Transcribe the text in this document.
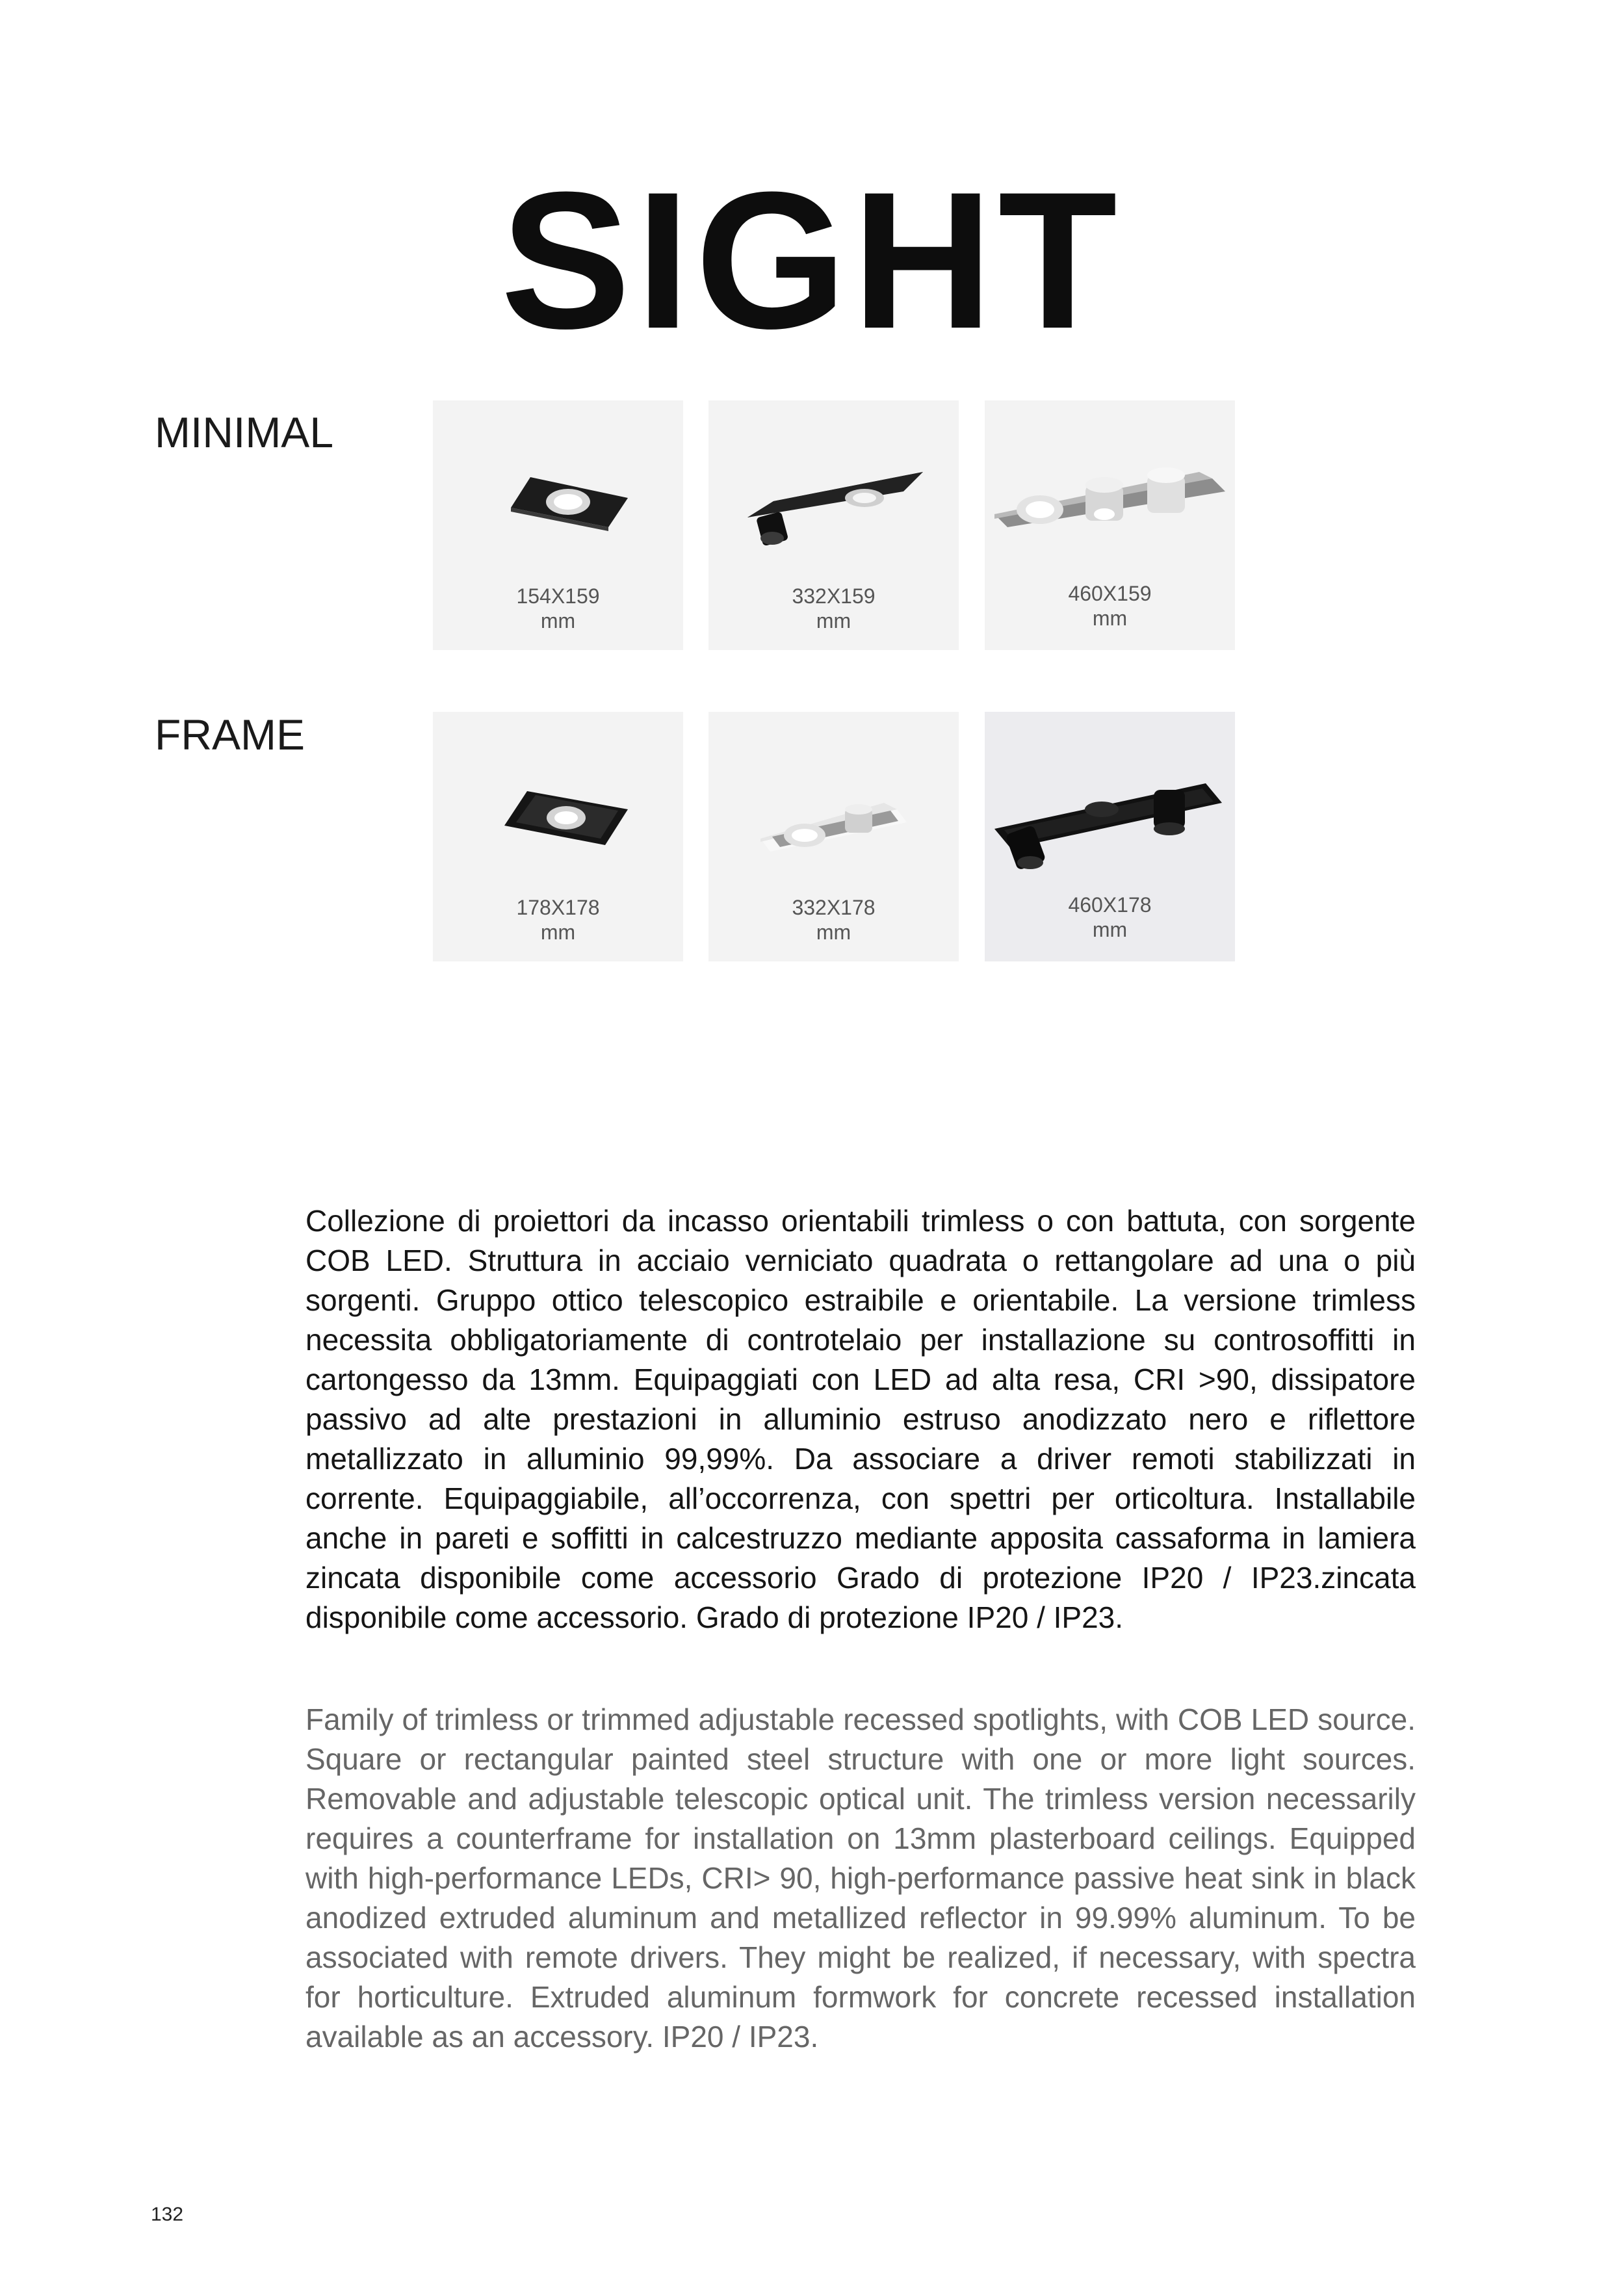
SIGHT
MINIMAL
154X159
mm
332X159
mm
460X159
mm
FRAME
178X178
mm
332X178
mm
460X178
mm
Collezione di proiettori da incasso orientabili trimless o con battuta, con sorgente COB LED. Struttura in acciaio verniciato quadrata o rettangolare ad una o più sorgenti. Gruppo ottico telescopico estraibile e orientabile. La versione trimless necessita obbligatoriamente di controtelaio per installazione su controsoffitti in cartongesso da 13mm. Equipaggiati con LED ad alta resa, CRI >90, dissipatore passivo ad alte prestazioni in alluminio estruso anodizzato nero e riflettore metallizzato in alluminio 99,99%. Da associare a driver remoti stabilizzati in corrente. Equipaggiabile, all’occorrenza, con spettri per orticoltura. Installabile anche in pareti e soffitti in calcestruzzo mediante apposita cassaforma in lamiera zincata disponibile come accessorio Grado di protezione IP20 / IP23.zincata disponibile come accessorio. Grado di protezione IP20 / IP23.
Family of trimless or trimmed adjustable recessed spotlights, with COB LED source. Square or rectangular painted steel structure with one or more light sources. Removable and adjustable telescopic optical unit. The trimless version necessarily requires a counterframe for installation on 13mm plasterboard ceilings. Equipped with high-performance LEDs, CRI> 90, high-performance passive heat sink in black anodized extruded aluminum and metallized reflector in 99.99% aluminum. To be associated with remote drivers. They might be realized, if necessary, with spectra for horticulture. Extruded aluminum formwork for concrete recessed installation available as an accessory. IP20 / IP23.
132
